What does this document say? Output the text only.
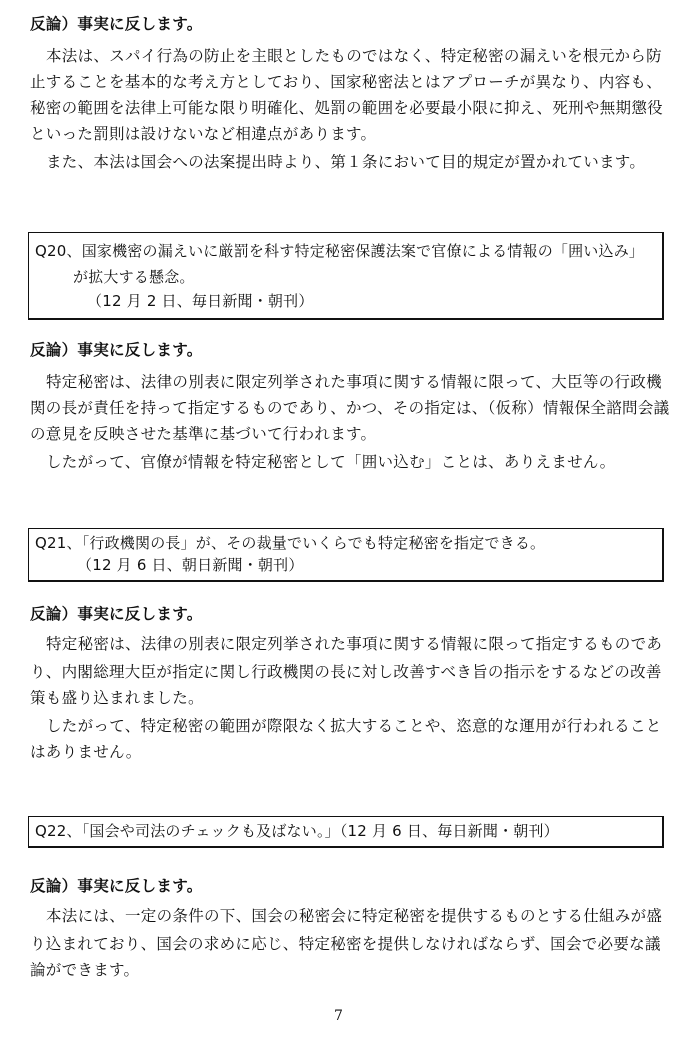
反論）事実に反します。
本法は、スパイ行為の防止を主眼としたものではなく、特定秘密の漏えいを根元から防
止することを基本的な考え方としており、国家秘密法とはアプローチが異なり、内容も、
秘密の範囲を法律上可能な限り明確化、処罰の範囲を必要最小限に抑え、死刑や無期懲役
といった罰則は設けないなど相違点があります。
また、本法は国会への法案提出時より、第１条において目的規定が置かれています。
Q20、国家機密の漏えいに厳罰を科す特定秘密保護法案で官僚による情報の「囲い込み」
が拡大する懸念。
（12 月 2 日、毎日新聞・朝刊）
反論）事実に反します。
特定秘密は、法律の別表に限定列挙された事項に関する情報に限って、大臣等の行政機
関の長が責任を持って指定するものであり、かつ、その指定は、（仮称）情報保全諮問会議
の意見を反映させた基準に基づいて行われます。
したがって、官僚が情報を特定秘密として「囲い込む」ことは、ありえません。
Q21、「行政機関の長」が、その裁量でいくらでも特定秘密を指定できる。
（12 月 6 日、朝日新聞・朝刊）
反論）事実に反します。
特定秘密は、法律の別表に限定列挙された事項に関する情報に限って指定するものであ
り、内閣総理大臣が指定に関し行政機関の長に対し改善すべき旨の指示をするなどの改善
策も盛り込まれました。
したがって、特定秘密の範囲が際限なく拡大することや、恣意的な運用が行われること
はありません。
Q22、「国会や司法のチェックも及ばない。」（12 月 6 日、毎日新聞・朝刊）
反論）事実に反します。
本法には、一定の条件の下、国会の秘密会に特定秘密を提供するものとする仕組みが盛
り込まれており、国会の求めに応じ、特定秘密を提供しなければならず、国会で必要な議
論ができます。
7
